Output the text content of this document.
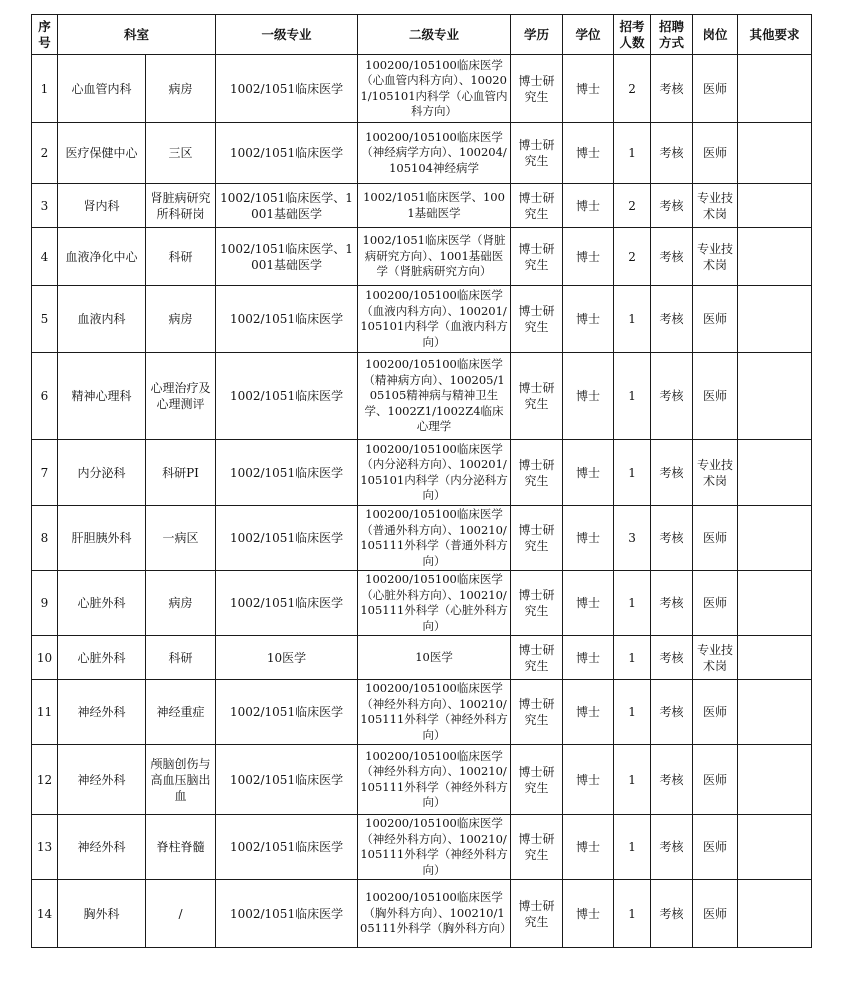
序号	科室		一级专业	二级专业	学历	学位	招考人数	招聘方式	岗位	其他要求
1	心血管内科	病房	1002/1051临床医学	100200/105100临床医学（心血管内科方向）、100201/105101内科学（心血管内科方向）	博士研究生	博士	2	考核	医师	
2	医疗保健中心	三区	1002/1051临床医学	100200/105100临床医学（神经病学方向）、100204/105104神经病学	博士研究生	博士	1	考核	医师	
3	肾内科	肾脏病研究所科研岗	1002/1051临床医学、1001基础医学	1002/1051临床医学、1001基础医学	博士研究生	博士	2	考核	专业技术岗	
4	血液净化中心	科研	1002/1051临床医学、1001基础医学	1002/1051临床医学（肾脏病研究方向）、1001基础医学（肾脏病研究方向）	博士研究生	博士	2	考核	专业技术岗	
5	血液内科	病房	1002/1051临床医学	100200/105100临床医学（血液内科方向）、100201/105101内科学（血液内科方向）	博士研究生	博士	1	考核	医师	
6	精神心理科	心理治疗及心理测评	1002/1051临床医学	100200/105100临床医学（精神病方向）、100205/105105精神病与精神卫生学、1002Z1/1002Z4临床心理学	博士研究生	博士	1	考核	医师	
7	内分泌科	科研PI	1002/1051临床医学	100200/105100临床医学（内分泌科方向）、100201/105101内科学（内分泌科方向）	博士研究生	博士	1	考核	专业技术岗	
8	肝胆胰外科	一病区	1002/1051临床医学	100200/105100临床医学（普通外科方向）、100210/105111外科学（普通外科方向）	博士研究生	博士	3	考核	医师	
9	心脏外科	病房	1002/1051临床医学	100200/105100临床医学（心脏外科方向）、100210/105111外科学（心脏外科方向）	博士研究生	博士	1	考核	医师	
10	心脏外科	科研	10医学	10医学	博士研究生	博士	1	考核	专业技术岗	
11	神经外科	神经重症	1002/1051临床医学	100200/105100临床医学（神经外科方向）、100210/105111外科学（神经外科方向）	博士研究生	博士	1	考核	医师	
12	神经外科	颅脑创伤与高血压脑出血	1002/1051临床医学	100200/105100临床医学（神经外科方向）、100210/105111外科学（神经外科方向）	博士研究生	博士	1	考核	医师	
13	神经外科	脊柱脊髓	1002/1051临床医学	100200/105100临床医学（神经外科方向）、100210/105111外科学（神经外科方向）	博士研究生	博士	1	考核	医师	
14	胸外科	/	1002/1051临床医学	100200/105100临床医学（胸外科方向）、100210/105111外科学（胸外科方向）	博士研究生	博士	1	考核	医师	
